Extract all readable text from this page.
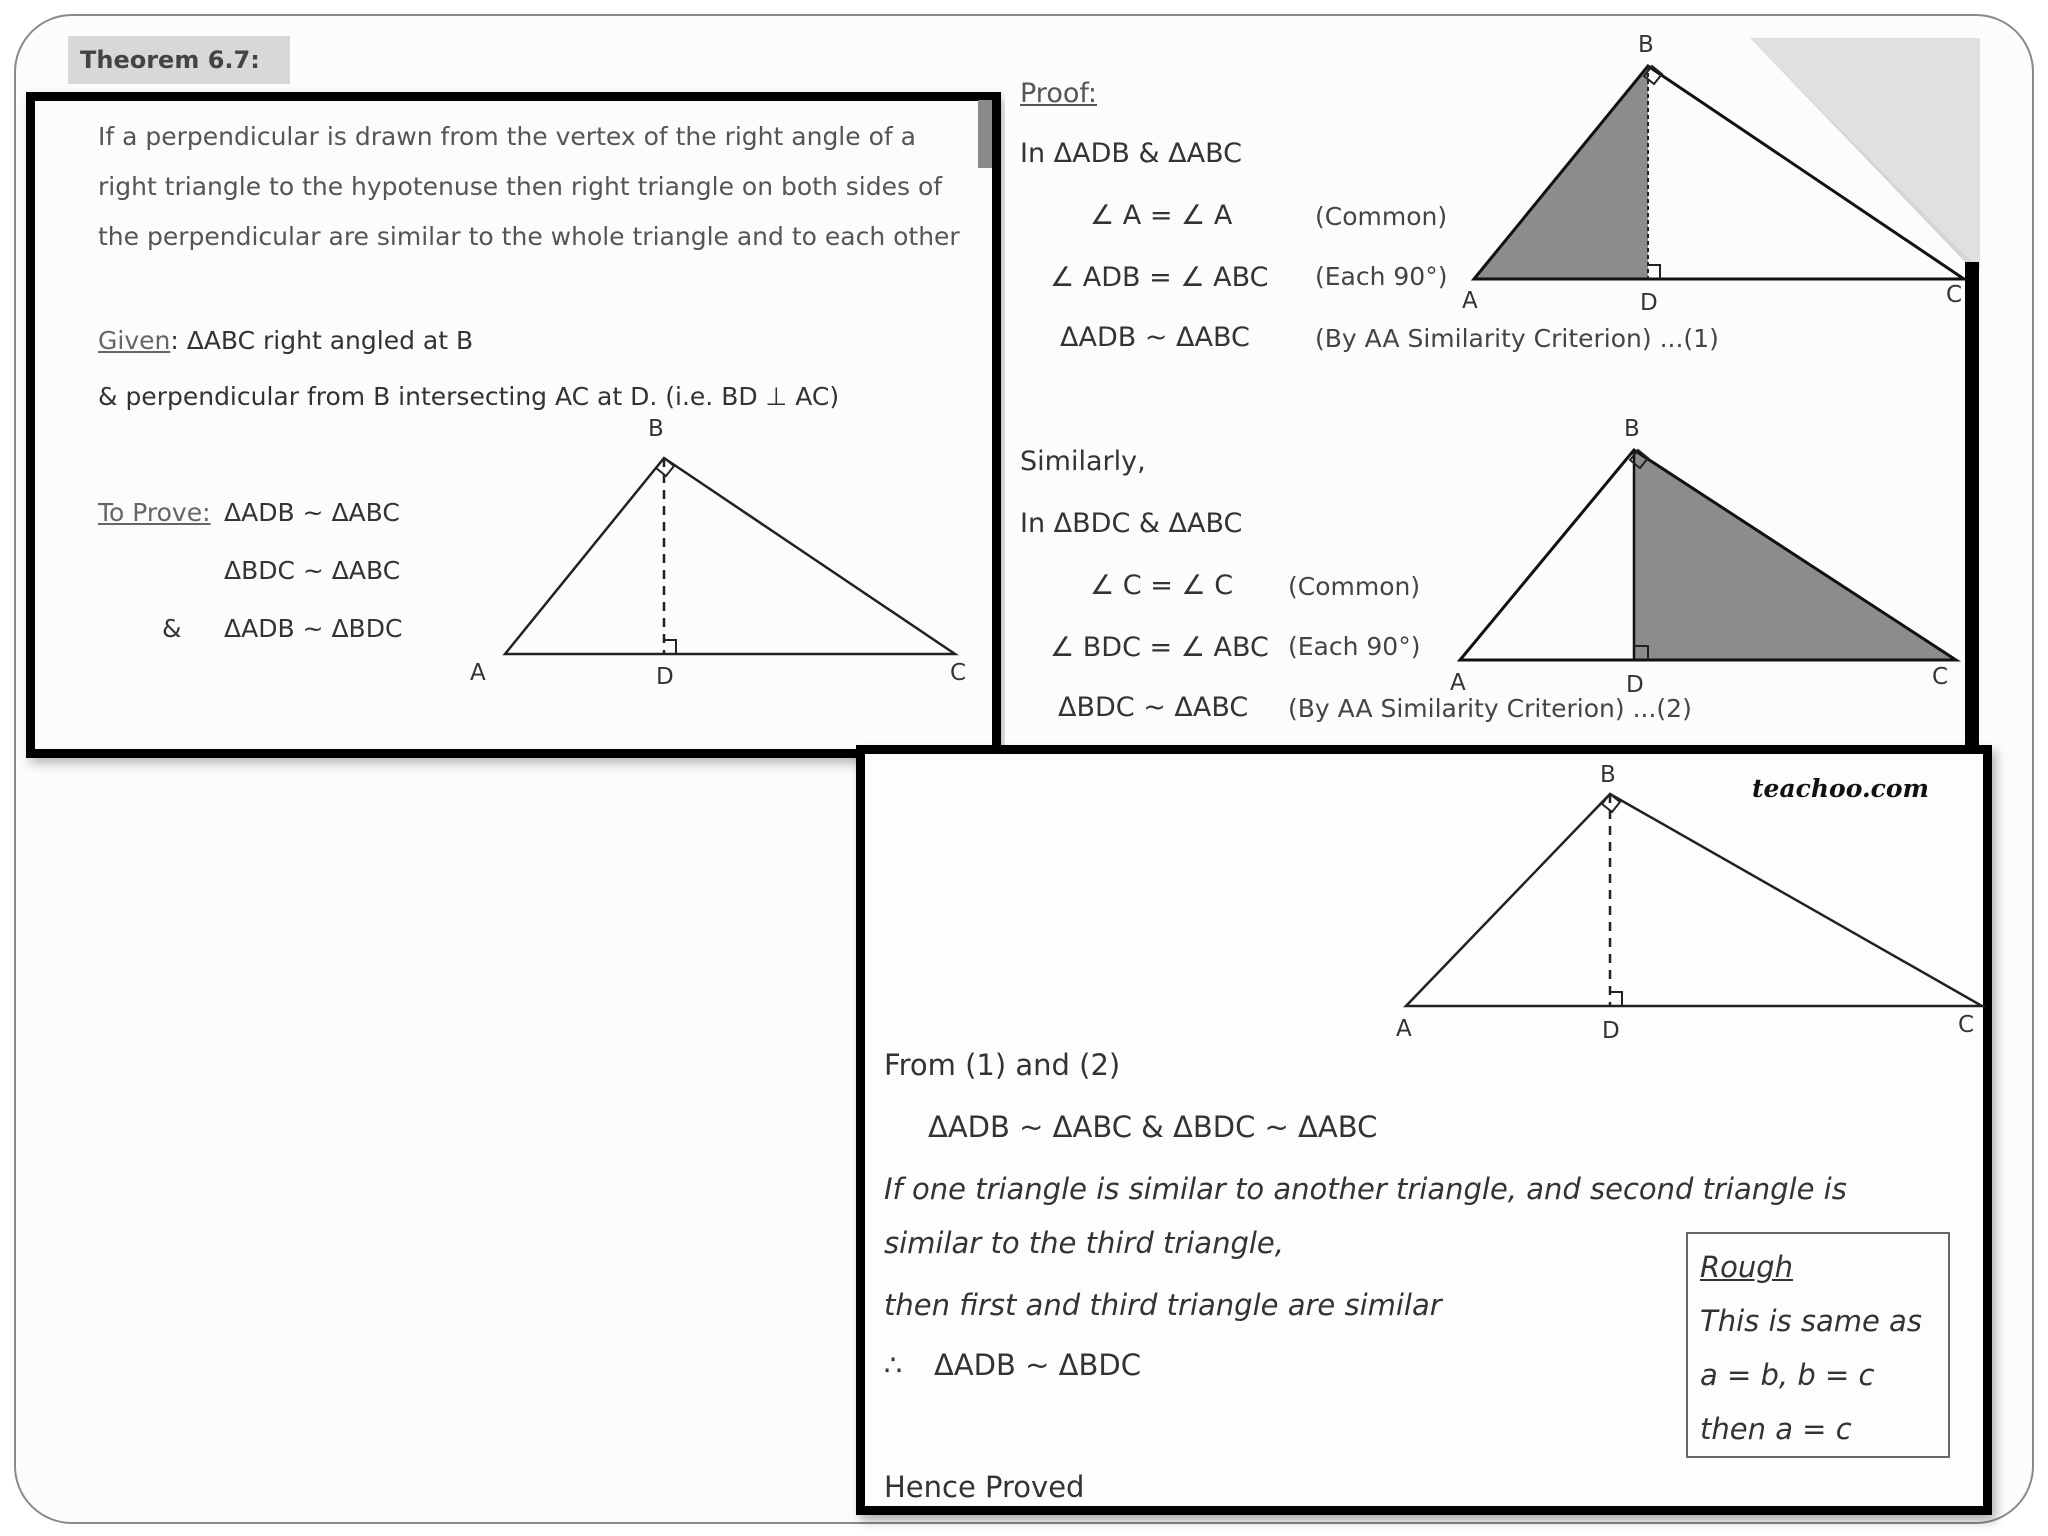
Theorem 6.7:
If a perpendicular is drawn from the vertex of the right angle of a
right triangle to the hypotenuse then right triangle on both sides of
the perpendicular are similar to the whole triangle and to each other
Given: ΔABC right angled at B
& perpendicular from B intersecting AC at D. (i.e. BD ⊥ AC)
To Prove: ΔADB ~ ΔABC
ΔBDC ~ ΔABC
& ΔADB ~ ΔBDC
A
B
C
D
Proof:
In ΔADB & ΔABC
∠ A = ∠ A	(Common)
∠ ADB = ∠ ABC (Each 90°)
ΔADB ~ ΔABC	(By AA Similarity Criterion) ...(1)
Similarly,
In ΔBDC & ΔABC
∠ C = ∠ C (Common)
∠ BDC = ∠ ABC (Each 90°)
ΔBDC ~ ΔABC (By AA Similarity Criterion) ...(2)
A
B
C
D
A
B
C
D
teachoo.com
A
B
C
D
From (1) and (2)
ΔADB ~ ΔABC & ΔBDC ~ ΔABC
If one triangle is similar to another triangle, and second triangle is
similar to the third triangle,
then first and third triangle are similar
∴ ΔADB ~ ΔBDC
Hence Proved
Rough
This is same as
a = b, b = c
then a = c
